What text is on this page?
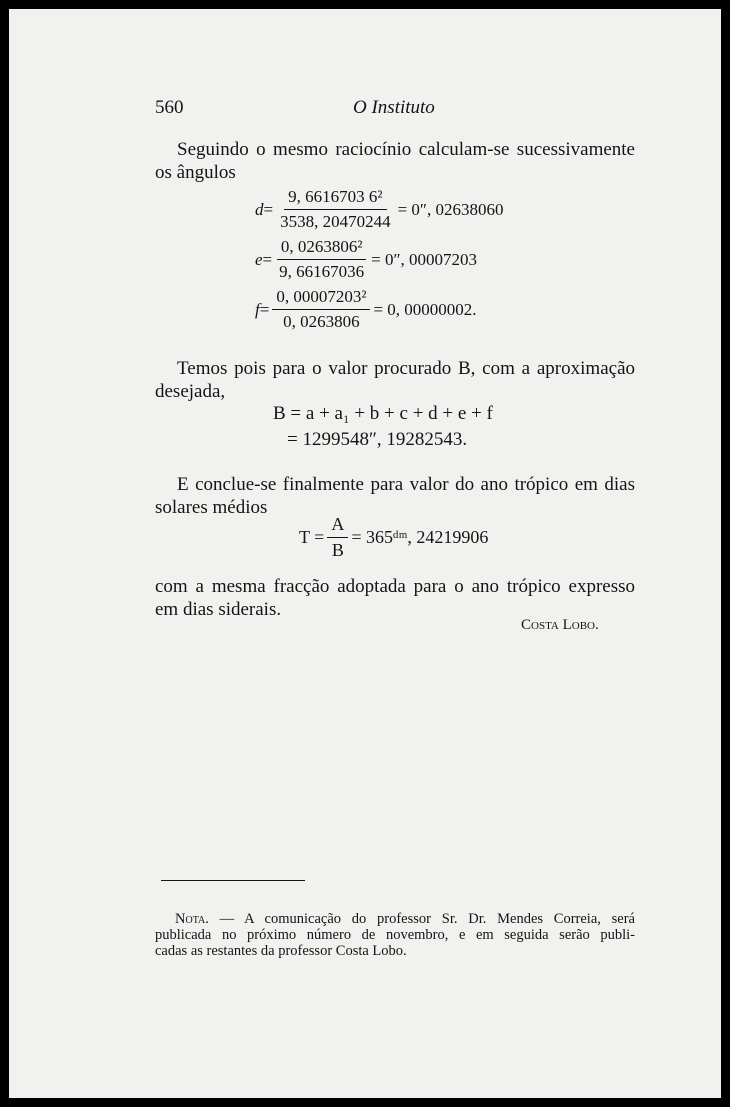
560	O Instituto
Seguindo o mesmo raciocínio calculam-se sucessivamente
os ângulos
$d = \frac{\text{9, 6616703 6²}}{3538, 20470244} = 0''$, 02638060
$e = \frac{\text{0, 0263806²}}{9, 66167036} = 0''$, 00007203
$f = \frac{\text{0, 00007203²}}{0, 0263806} = 0$, 00000002.
Temos pois para o valor procurado B, com a aproximação
desejada,
B = a + a₁ + b + c + d + e + f
= 1299548″, 19282543.
E conclue-se finalmente para valor do ano trópico em dias
solares médios
$T = \frac{A}{B}$ = 365ᵈᵐ, 24219906
com a mesma fracção adoptada para o ano trópico expresso
em dias siderais.
Costa Lobo.
Nota. — A comunicação do professor Sr. Dr. Mendes Correia, será
publicada no próximo número de novembro, e em seguida serão publi-
cadas as restantes da professor Costa Lobo.
